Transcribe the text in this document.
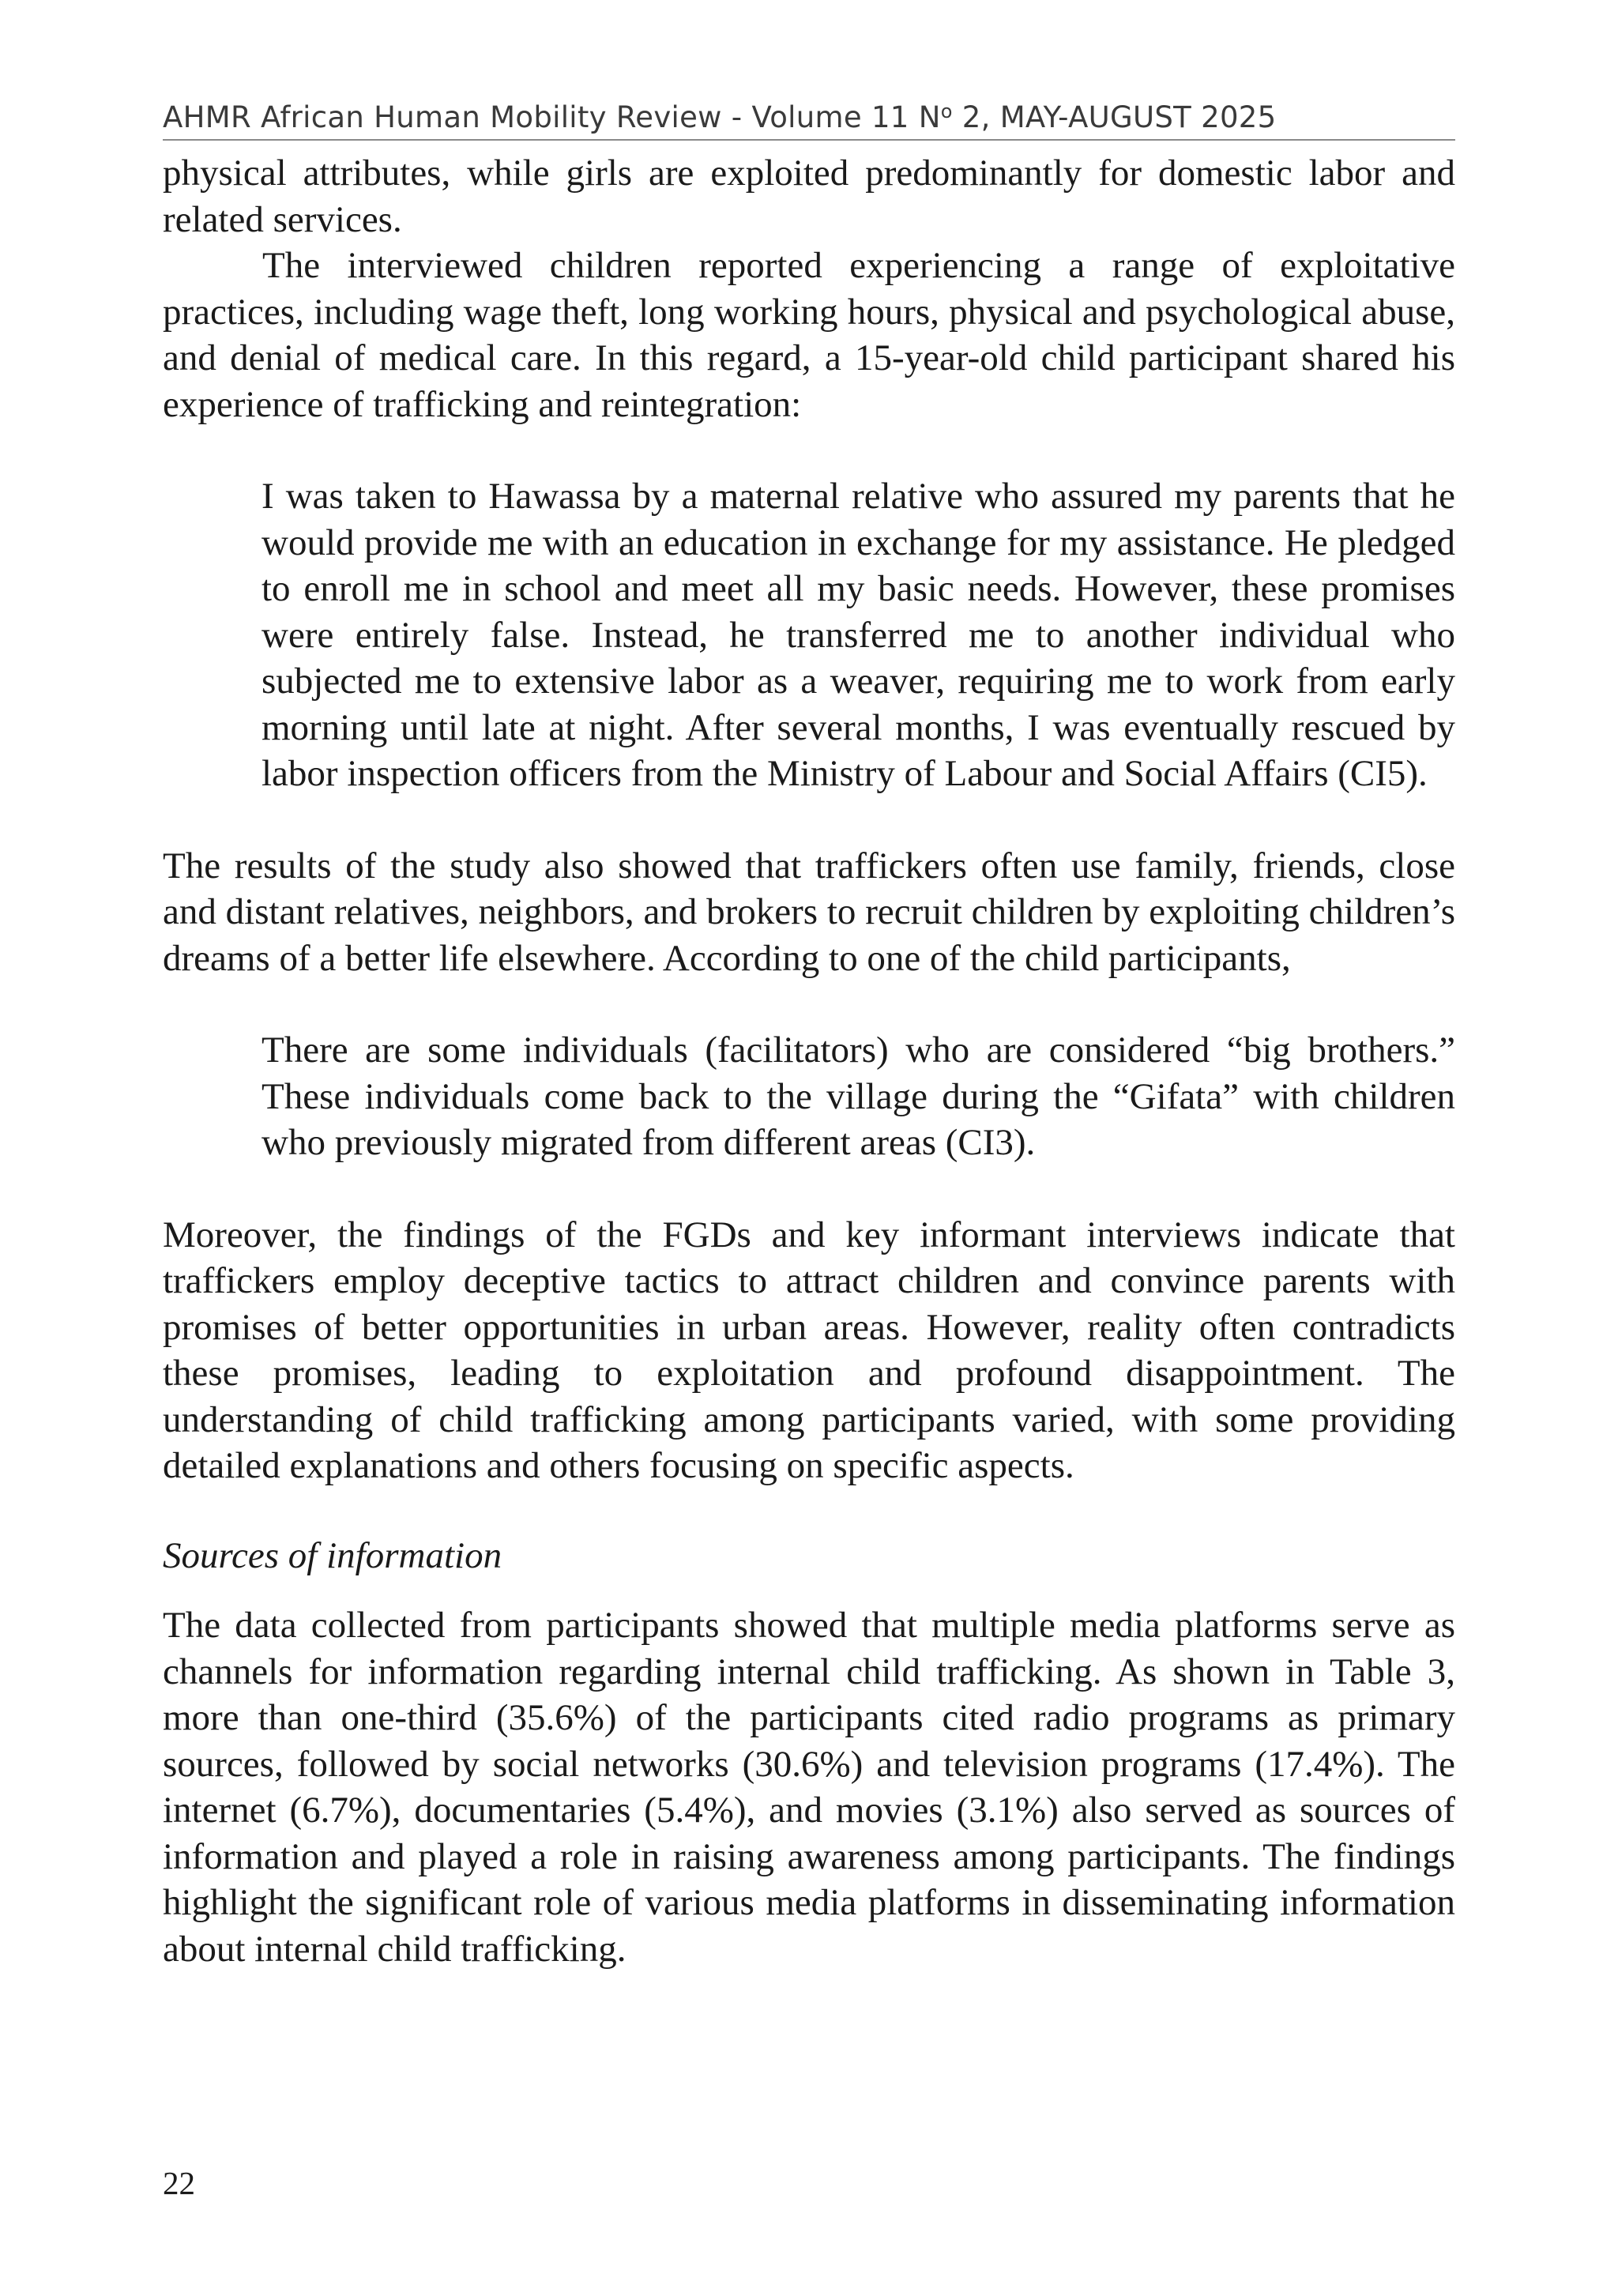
AHMR African Human Mobility Review - Volume 11 $N^o$ 2, MAY-AUGUST 2025

physical attributes, while girls are exploited predominantly for domestic labor and related services.

The interviewed children reported experiencing a range of exploitative practices, including wage theft, long working hours, physical and psychological abuse, and denial of medical care. In this regard, a 15-year-old child participant shared his experience of trafficking and reintegration:

I was taken to Hawassa by a maternal relative who assured my parents that he would provide me with an education in exchange for my assistance. He pledged to enroll me in school and meet all my basic needs. However, these promises were entirely false. Instead, he transferred me to another individual who subjected me to extensive labor as a weaver, requiring me to work from early morning until late at night. After several months, I was eventually rescued by labor inspection officers from the Ministry of Labour and Social Affairs (CI5).

The results of the study also showed that traffickers often use family, friends, close and distant relatives, neighbors, and brokers to recruit children by exploiting children’s dreams of a better life elsewhere. According to one of the child participants,

There are some individuals (facilitators) who are considered “big brothers.” These individuals come back to the village during the “Gifata” with children who previously migrated from different areas (CI3).

Moreover, the findings of the FGDs and key informant interviews indicate that traffickers employ deceptive tactics to attract children and convince parents with promises of better opportunities in urban areas. However, reality often contradicts these promises, leading to exploitation and profound disappointment. The understanding of child trafficking among participants varied, with some providing detailed explanations and others focusing on specific aspects.

Sources of information

The data collected from participants showed that multiple media platforms serve as channels for information regarding internal child trafficking. As shown in Table 3, more than one-third (35.6%) of the participants cited radio programs as primary sources, followed by social networks (30.6%) and television programs (17.4%). The internet (6.7%), documentaries (5.4%), and movies (3.1%) also served as sources of information and played a role in raising awareness among participants. The findings highlight the significant role of various media platforms in disseminating information about internal child trafficking.

22
